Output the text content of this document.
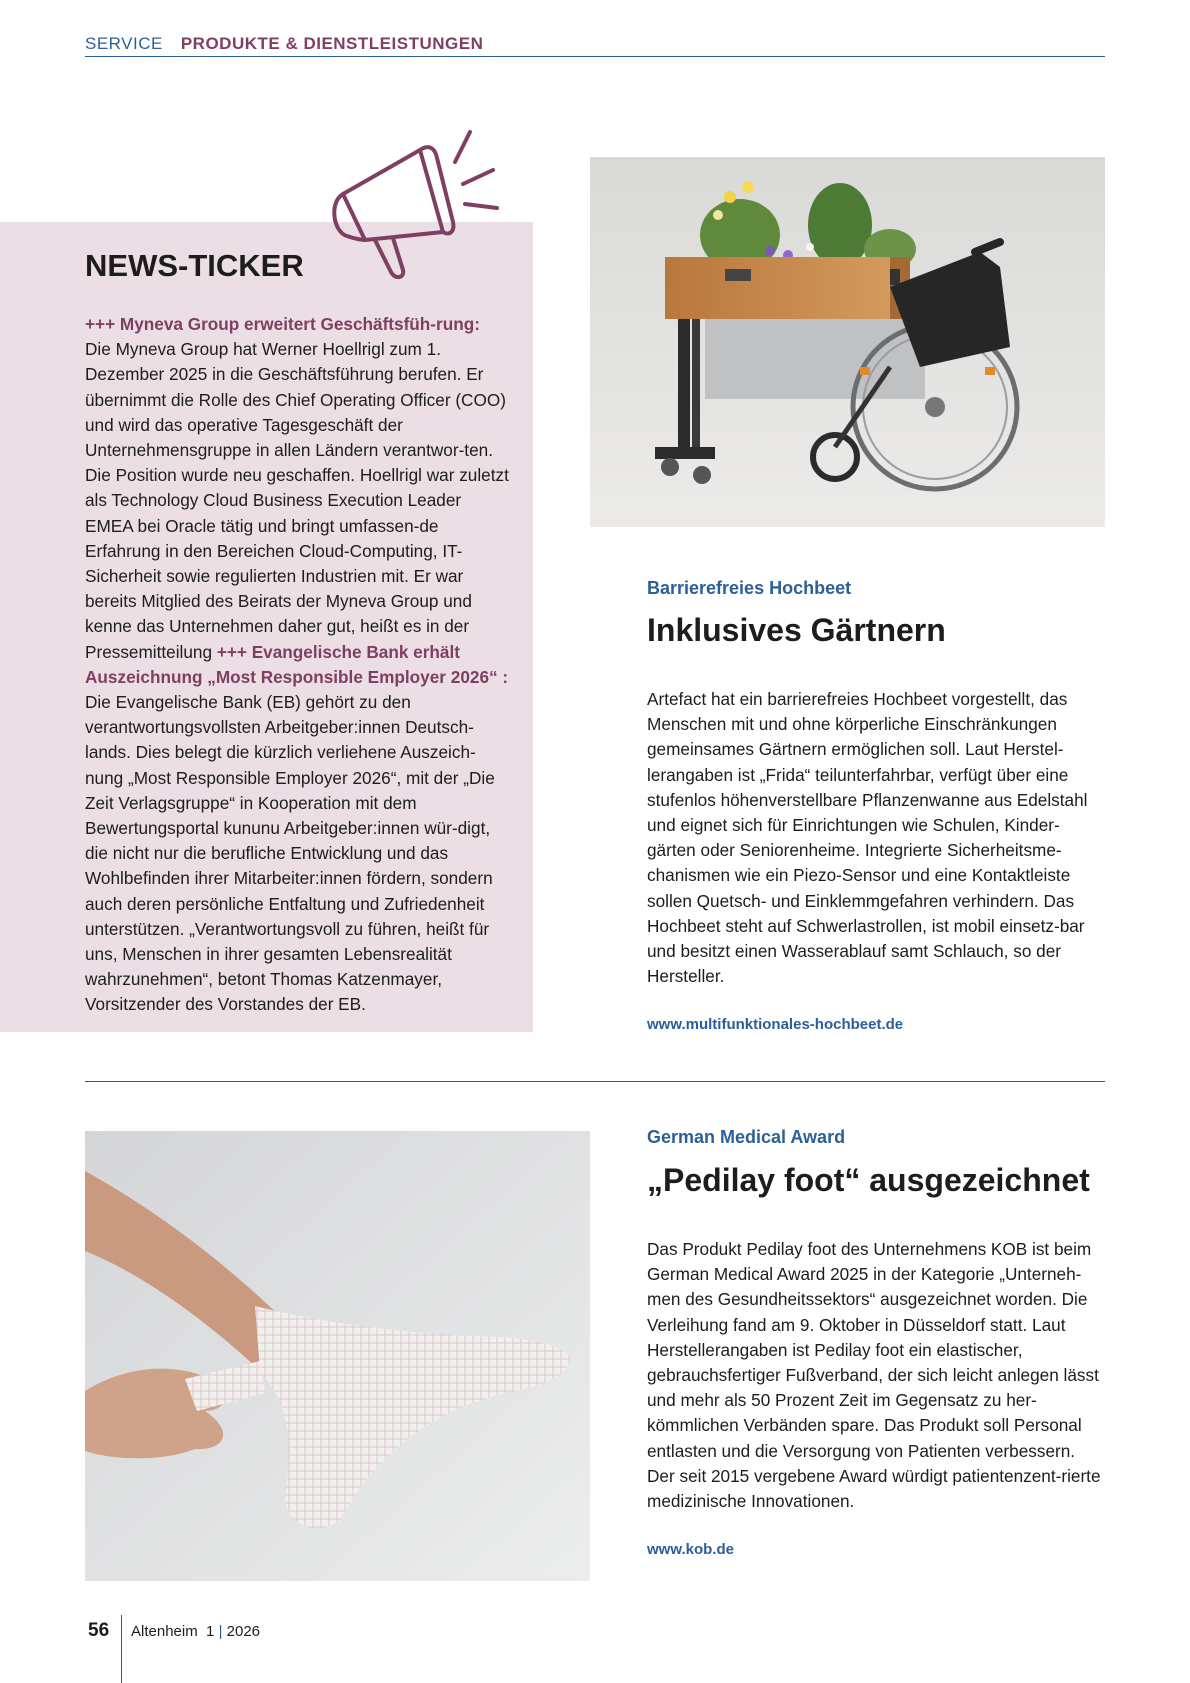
SERVICE PRODUKTE & DIENSTLEISTUNGEN
NEWS-TICKER
+++ Myneva Group erweitert Geschäftsfüh-rung: Die Myneva Group hat Werner Hoellrigl zum 1. Dezember 2025 in die Geschäftsführung berufen. Er übernimmt die Rolle des Chief Operating Officer (COO) und wird das operative Tagesgeschäft der Unternehmensgruppe in allen Ländern verantwor-ten. Die Position wurde neu geschaffen. Hoellrigl war zuletzt als Technology Cloud Business Execution Leader EMEA bei Oracle tätig und bringt umfassen-de Erfahrung in den Bereichen Cloud-Computing, IT-Sicherheit sowie regulierten Industrien mit. Er war bereits Mitglied des Beirats der Myneva Group und kenne das Unternehmen daher gut, heißt es in der Pressemitteilung +++ Evangelische Bank erhält Auszeichnung „Most Responsible Employer 2026“ : Die Evangelische Bank (EB) gehört zu den verantwortungsvollsten Arbeitgeber:innen Deutsch-lands. Dies belegt die kürzlich verliehene Auszeich-nung „Most Responsible Employer 2026“, mit der „Die Zeit Verlagsgruppe“ in Kooperation mit dem Bewertungsportal kununu Arbeitgeber:innen wür-digt, die nicht nur die berufliche Entwicklung und das Wohlbefinden ihrer Mitarbeiter:innen fördern, sondern auch deren persönliche Entfaltung und Zufriedenheit unterstützen. „Verantwortungsvoll zu führen, heißt für uns, Menschen in ihrer gesamten Lebensrealität wahrzunehmen“, betont Thomas Katzenmayer, Vorsitzender des Vorstandes der EB.
Barrierefreies Hochbeet
Inklusives Gärtnern
Artefact hat ein barrierefreies Hochbeet vorgestellt, das Menschen mit und ohne körperliche Einschränkungen gemeinsames Gärtnern ermöglichen soll. Laut Herstel-lerangaben ist „Frida“ teilunterfahrbar, verfügt über eine stufenlos höhenverstellbare Pflanzenwanne aus Edelstahl und eignet sich für Einrichtungen wie Schulen, Kinder-gärten oder Seniorenheime. Integrierte Sicherheitsme-chanismen wie ein Piezo-Sensor und eine Kontaktleiste sollen Quetsch- und Einklemmgefahren verhindern. Das Hochbeet steht auf Schwerlastrollen, ist mobil einsetz-bar und besitzt einen Wasserablauf samt Schlauch, so der Hersteller.
www.multifunktionales-hochbeet.de
German Medical Award
„Pedilay foot“ ausgezeichnet
Das Produkt Pedilay foot des Unternehmens KOB ist beim German Medical Award 2025 in der Kategorie „Unterneh-men des Gesundheitssektors“ ausgezeichnet worden. Die Verleihung fand am 9. Oktober in Düsseldorf statt. Laut Herstellerangaben ist Pedilay foot ein elastischer, gebrauchsfertiger Fußverband, der sich leicht anlegen lässt und mehr als 50 Prozent Zeit im Gegensatz zu her-kömmlichen Verbänden spare. Das Produkt soll Personal entlasten und die Versorgung von Patienten verbessern. Der seit 2015 vergebene Award würdigt patientenzent-rierte medizinische Innovationen.
www.kob.de
56 Altenheim 1 | 2026
